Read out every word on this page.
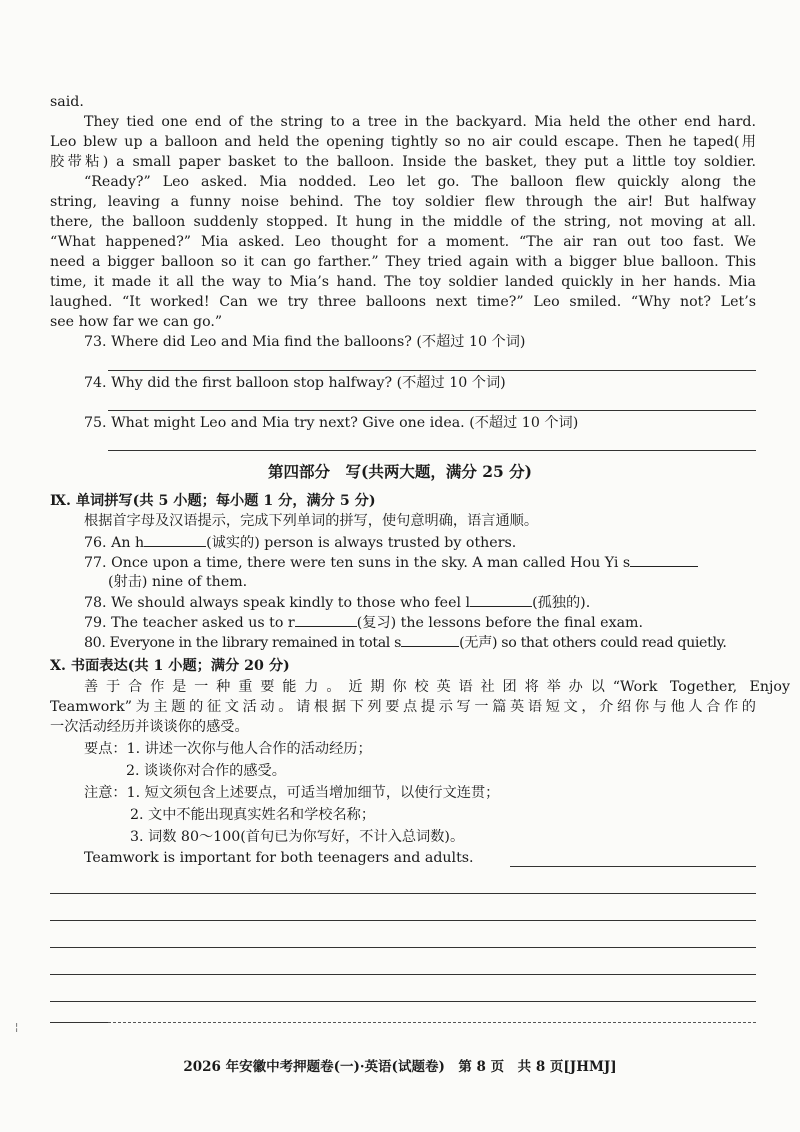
said.
They tied one end of the string to a tree in the backyard. Mia held the other end hard.
Leo blew up a balloon and held the opening tightly so no air could escape. Then he taped(用
胶带粘) a small paper basket to the balloon. Inside the basket, they put a little toy soldier.
“Ready?” Leo asked. Mia nodded. Leo let go. The balloon flew quickly along the
string, leaving a funny noise behind. The toy soldier flew through the air! But halfway
there, the balloon suddenly stopped. It hung in the middle of the string, not moving at all.
“What happened?” Mia asked. Leo thought for a moment. “The air ran out too fast. We
need a bigger balloon so it can go farther.” They tried again with a bigger blue balloon. This
time, it made it all the way to Mia’s hand. The toy soldier landed quickly in her hands. Mia
laughed. “It worked! Can we try three balloons next time?” Leo smiled. “Why not? Let’s
see how far we can go.”
73. Where did Leo and Mia find the balloons? (不超过 10 个词)
74. Why did the first balloon stop halfway? (不超过 10 个词)
75. What might Leo and Mia try next? Give one idea. (不超过 10 个词)
第四部分　写(共两大题，满分 25 分)
Ⅸ. 单词拼写(共 5 小题；每小题 1 分，满分 5 分)
根据首字母及汉语提示，完成下列单词的拼写，使句意明确，语言通顺。
76. An h	(诚实的) person is always trusted by others.
77. Once upon a time, there were ten suns in the sky. A man called Hou Yi s
(射击) nine of them.
78. We should always speak kindly to those who feel l	(孤独的).
79. The teacher asked us to r	(复习) the lessons before the final exam.
80. Everyone in the library remained in total s	(无声) so that others could read quietly.
Ⅹ. 书面表达(共 1 小题；满分 20 分)
善于合作是一种重要能力。近期你校英语社团将举办以“Work Together, Enjoy
Teamwork”为主题的征文活动。请根据下列要点提示写一篇英语短文，介绍你与他人合作的
一次活动经历并谈谈你的感受。
要点：1. 讲述一次你与他人合作的活动经历；
2. 谈谈你对合作的感受。
注意：1. 短文须包含上述要点，可适当增加细节，以使行文连贯；
2. 文中不能出现真实姓名和学校名称；
3. 词数 80～100(首句已为你写好，不计入总词数)。
Teamwork is important for both teenagers and adults.
¦
2026 年安徽中考押题卷(一)·英语(试题卷)　第 8 页　共 8 页[JHMJ]
